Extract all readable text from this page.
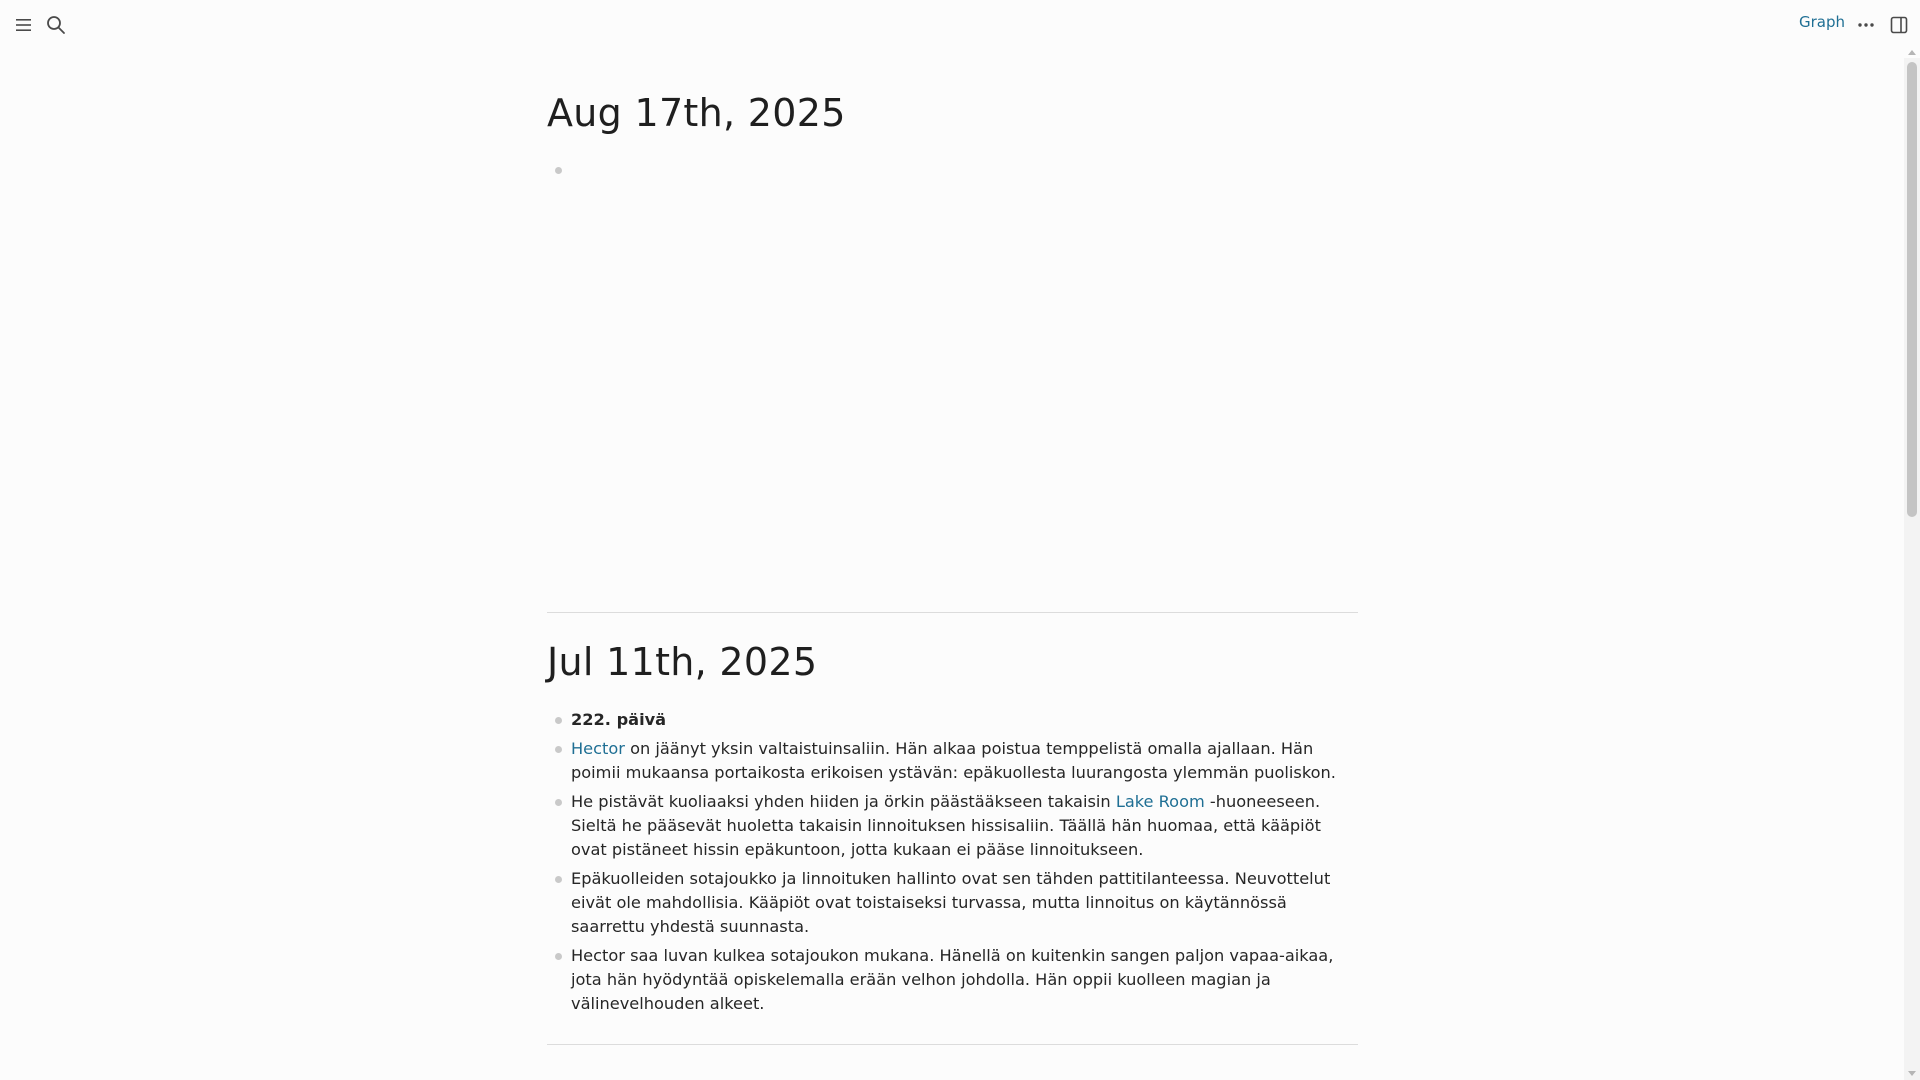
Graph
Aug 17th, 2025
Jul 11th, 2025
222. päivä
Hector on jäänyt yksin valtaistuinsaliin. Hän alkaa poistua temppelistä omalla ajallaan. Hän poimii mukaansa portaikosta erikoisen ystävän: epäkuollesta luurangosta ylemmän puoliskon.
He pistävät kuoliaaksi yhden hiiden ja örkin päästääkseen takaisin Lake Room -huoneeseen. Sieltä he pääsevät huoletta takaisin linnoituksen hissisaliin. Täällä hän huomaa, että kääpiöt ovat pistäneet hissin epäkuntoon, jotta kukaan ei pääse linnoitukseen.
Epäkuolleiden sotajoukko ja linnoituken hallinto ovat sen tähden pattitilanteessa. Neuvottelut eivät ole mahdollisia. Kääpiöt ovat toistaiseksi turvassa, mutta linnoitus on käytännössä saarrettu yhdestä suunnasta.
Hector saa luvan kulkea sotajoukon mukana. Hänellä on kuitenkin sangen paljon vapaa-aikaa, jota hän hyödyntää opiskelemalla erään velhon johdolla. Hän oppii kuolleen magian ja välinevelhouden alkeet.
